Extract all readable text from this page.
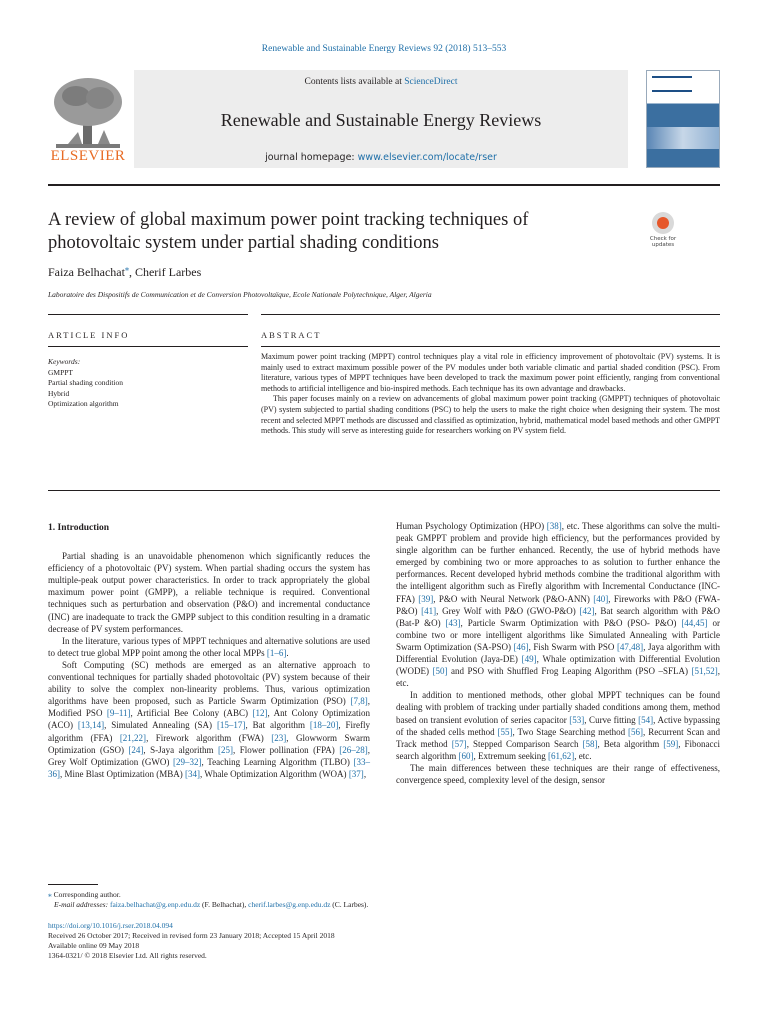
Renewable and Sustainable Energy Reviews 92 (2018) 513–553
ELSEVIER
Contents lists available at ScienceDirect
Renewable and Sustainable Energy Reviews
journal homepage: www.elsevier.com/locate/rser
A review of global maximum power point tracking techniques of
photovoltaic system under partial shading conditions	Check for
updates
Faiza Belhachat⁎, Cherif Larbes
Laboratoire des Dispositifs de Communication et de Conversion Photovoltaïque, Ecole Nationale Polytechnique, Alger, Algeria
ARTICLE INFO	ABSTRACT
Keywords:
GMPPT
Partial shading condition
Hybrid
Optimization algorithm

Maximum power point tracking (MPPT) control techniques play a vital role in efficiency improvement of photovoltaic (PV) systems. It is mainly used to extract maximum possible power of the PV modules under both variable climatic and partial shaded condition (PSC). From literature, various types of MPPT techniques have been developed to track the maximum power point efficiently, ranging from conventional methods to artificial intelligence and bio-inspired methods. Each technique has its own advantage and drawbacks.

This paper focuses mainly on a review on advancements of global maximum power point tracking (GMPPT) techniques of photovoltaic (PV) system subjected to partial shading conditions (PSC) to help the users to make the right choice when designing their system. The most recent and selected MPPT methods are discussed and classified as optimization, hybrid, mathematical model based methods and other GMPPT methods. This study will serve as interesting guide for researchers working on PV system field.

1. Introduction

Partial shading is an unavoidable phenomenon which significantly reduces the efficiency of a photovoltaic (PV) system. When partial shading occurs the system has multiple-peak output power characteristics. In order to track appropriately the global maximum power point (GMPP), a reliable technique is required. Conventional techniques such as perturbation and observation (P&O) and incremental conductance (INC) are inadequate to track the GMPP subject to this condition resulting in a dramatic decrease of PV system performances.

In the literature, various types of MPPT techniques and alternative solutions are used to detect true global MPP point among the other local MPPs [1–6].

Soft Computing (SC) methods are emerged as an alternative approach to conventional techniques for partially shaded photovoltaic (PV) system because of their ability to solve the complex non-linearity problems. Thus, various optimization algorithms have been proposed, such as Particle Swarm Optimization (PSO) [7,8], Modified PSO [9–11], Artificial Bee Colony (ABC) [12], Ant Colony Optimization (ACO) [13,14], Simulated Annealing (SA) [15–17], Bat algorithm [18–20], Firefly algorithm (FFA) [21,22], Firework algorithm (FWA) [23], Glowworm Swarm Optimization (GSO) [24], S-Jaya algorithm [25], Flower pollination (FPA) [26–28], Grey Wolf Optimization (GWO) [29–32], Teaching Learning Algorithm (TLBO) [33–36], Mine Blast Optimization (MBA) [34], Whale Optimization Algorithm (WOA) [37],

Human Psychology Optimization (HPO) [38], etc. These algorithms can solve the multi-peak GMPPT problem and provide high efficiency, but the performances provided by single algorithm can be further enhanced. Recently, the use of hybrid methods have emerged by combining two or more approaches to as solution to further enhance the performances. Recent developed hybrid methods combine the traditional algorithm with the intelligent algorithm such as Firefly algorithm with Incremental Conductance (INC-FFA) [39], P&O with Neural Network (P&O-ANN) [40], Fireworks with P&O (FWA-P&O) [41], Grey Wolf with P&O (GWO-P&O) [42], Bat search algorithm with P&O (Bat-P &O) [43], Particle Swarm Optimization with P&O (PSO- P&O) [44,45] or combine two or more intelligent algorithms like Simulated Annealing with Particle Swarm Optimization (SA-PSO) [46], Fish Swarm with PSO [47,48], Jaya algorithm with Differential Evolution (Jaya-DE) [49], Whale optimization with Differential Evolution (WODE) [50] and PSO with Shuffled Frog Leaping Algorithm (PSO –SFLA) [51,52], etc.

In addition to mentioned methods, other global MPPT techniques can be found dealing with problem of tracking under partially shaded conditions among them, method based on transient evolution of series capacitor [53], Curve fitting [54], Active bypassing of the shaded cells method [55], Two Stage Searching method [56], Recurrent Scan and Track method [57], Stepped Comparison Search [58], Beta algorithm [59], Fibonacci search algorithm [60], Extremum seeking [61,62], etc.

The main differences between these techniques are their range of effectiveness, convergence speed, complexity level of the design, sensor

⁎ Corresponding author.
E-mail addresses: faiza.belhachat@g.enp.edu.dz (F. Belhachat), cherif.larbes@g.enp.edu.dz (C. Larbes).
https://doi.org/10.1016/j.rser.2018.04.094
Received 26 October 2017; Received in revised form 23 January 2018; Accepted 15 April 2018
Available online 09 May 2018
1364-0321/ © 2018 Elsevier Ltd. All rights reserved.
